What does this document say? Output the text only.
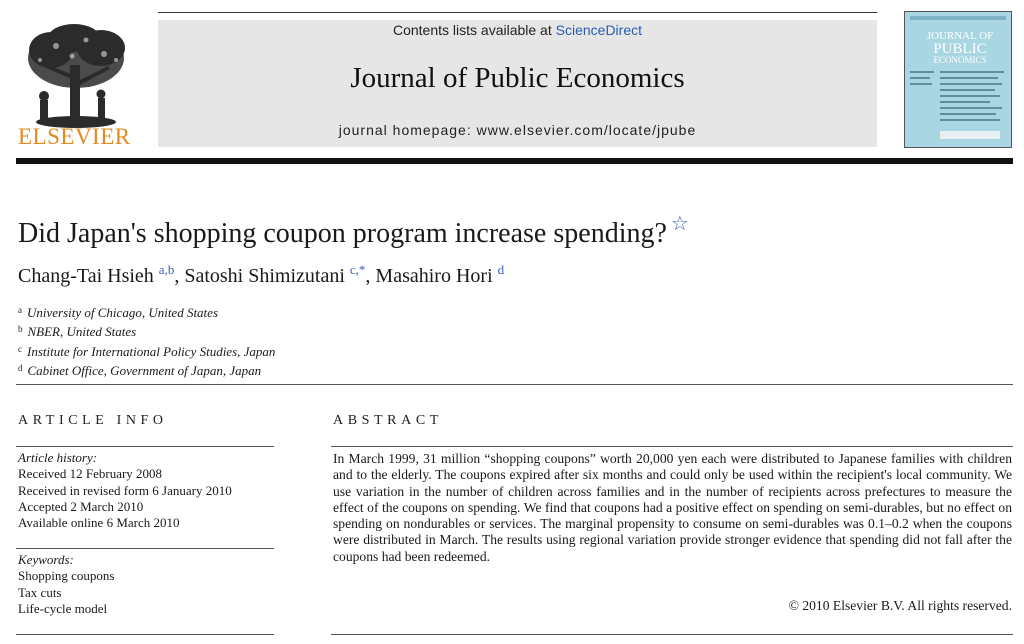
ELSEVIER
Contents lists available at ScienceDirect
Journal of Public Economics
journal homepage: www.elsevier.com/locate/jpube
JOURNAL OF
PUBLIC
ECONOMICS
Did Japan's shopping coupon program increase spending? ☆
Chang-Tai Hsieh $^{a,b}$, Satoshi Shimizutani $^{c,*}$, Masahiro Hori $^d$
$^a$ University of Chicago, United States
$^b$ NBER, United States
$^c$ Institute for International Policy Studies, Japan
$^d$ Cabinet Office, Government of Japan, Japan
ARTICLE INFO
Article history:
Received 12 February 2008
Received in revised form 6 January 2010
Accepted 2 March 2010
Available online 6 March 2010
Keywords:
Shopping coupons
Tax cuts
Life-cycle model
ABSTRACT
In March 1999, 31 million “shopping coupons” worth 20,000 yen each were distributed to Japanese families with children and to the elderly. The coupons expired after six months and could only be used within the recipient's local community. We use variation in the number of children across families and in the number of recipients across prefectures to measure the effect of the coupons on spending. We find that coupons had a positive effect on spending on semi-durables, but no effect on spending on nondurables or services. The marginal propensity to consume on semi-durables was 0.1–0.2 when the coupons were distributed in March. The results using regional variation provide stronger evidence that spending did not fall after the coupons had been redeemed.
© 2010 Elsevier B.V. All rights reserved.
